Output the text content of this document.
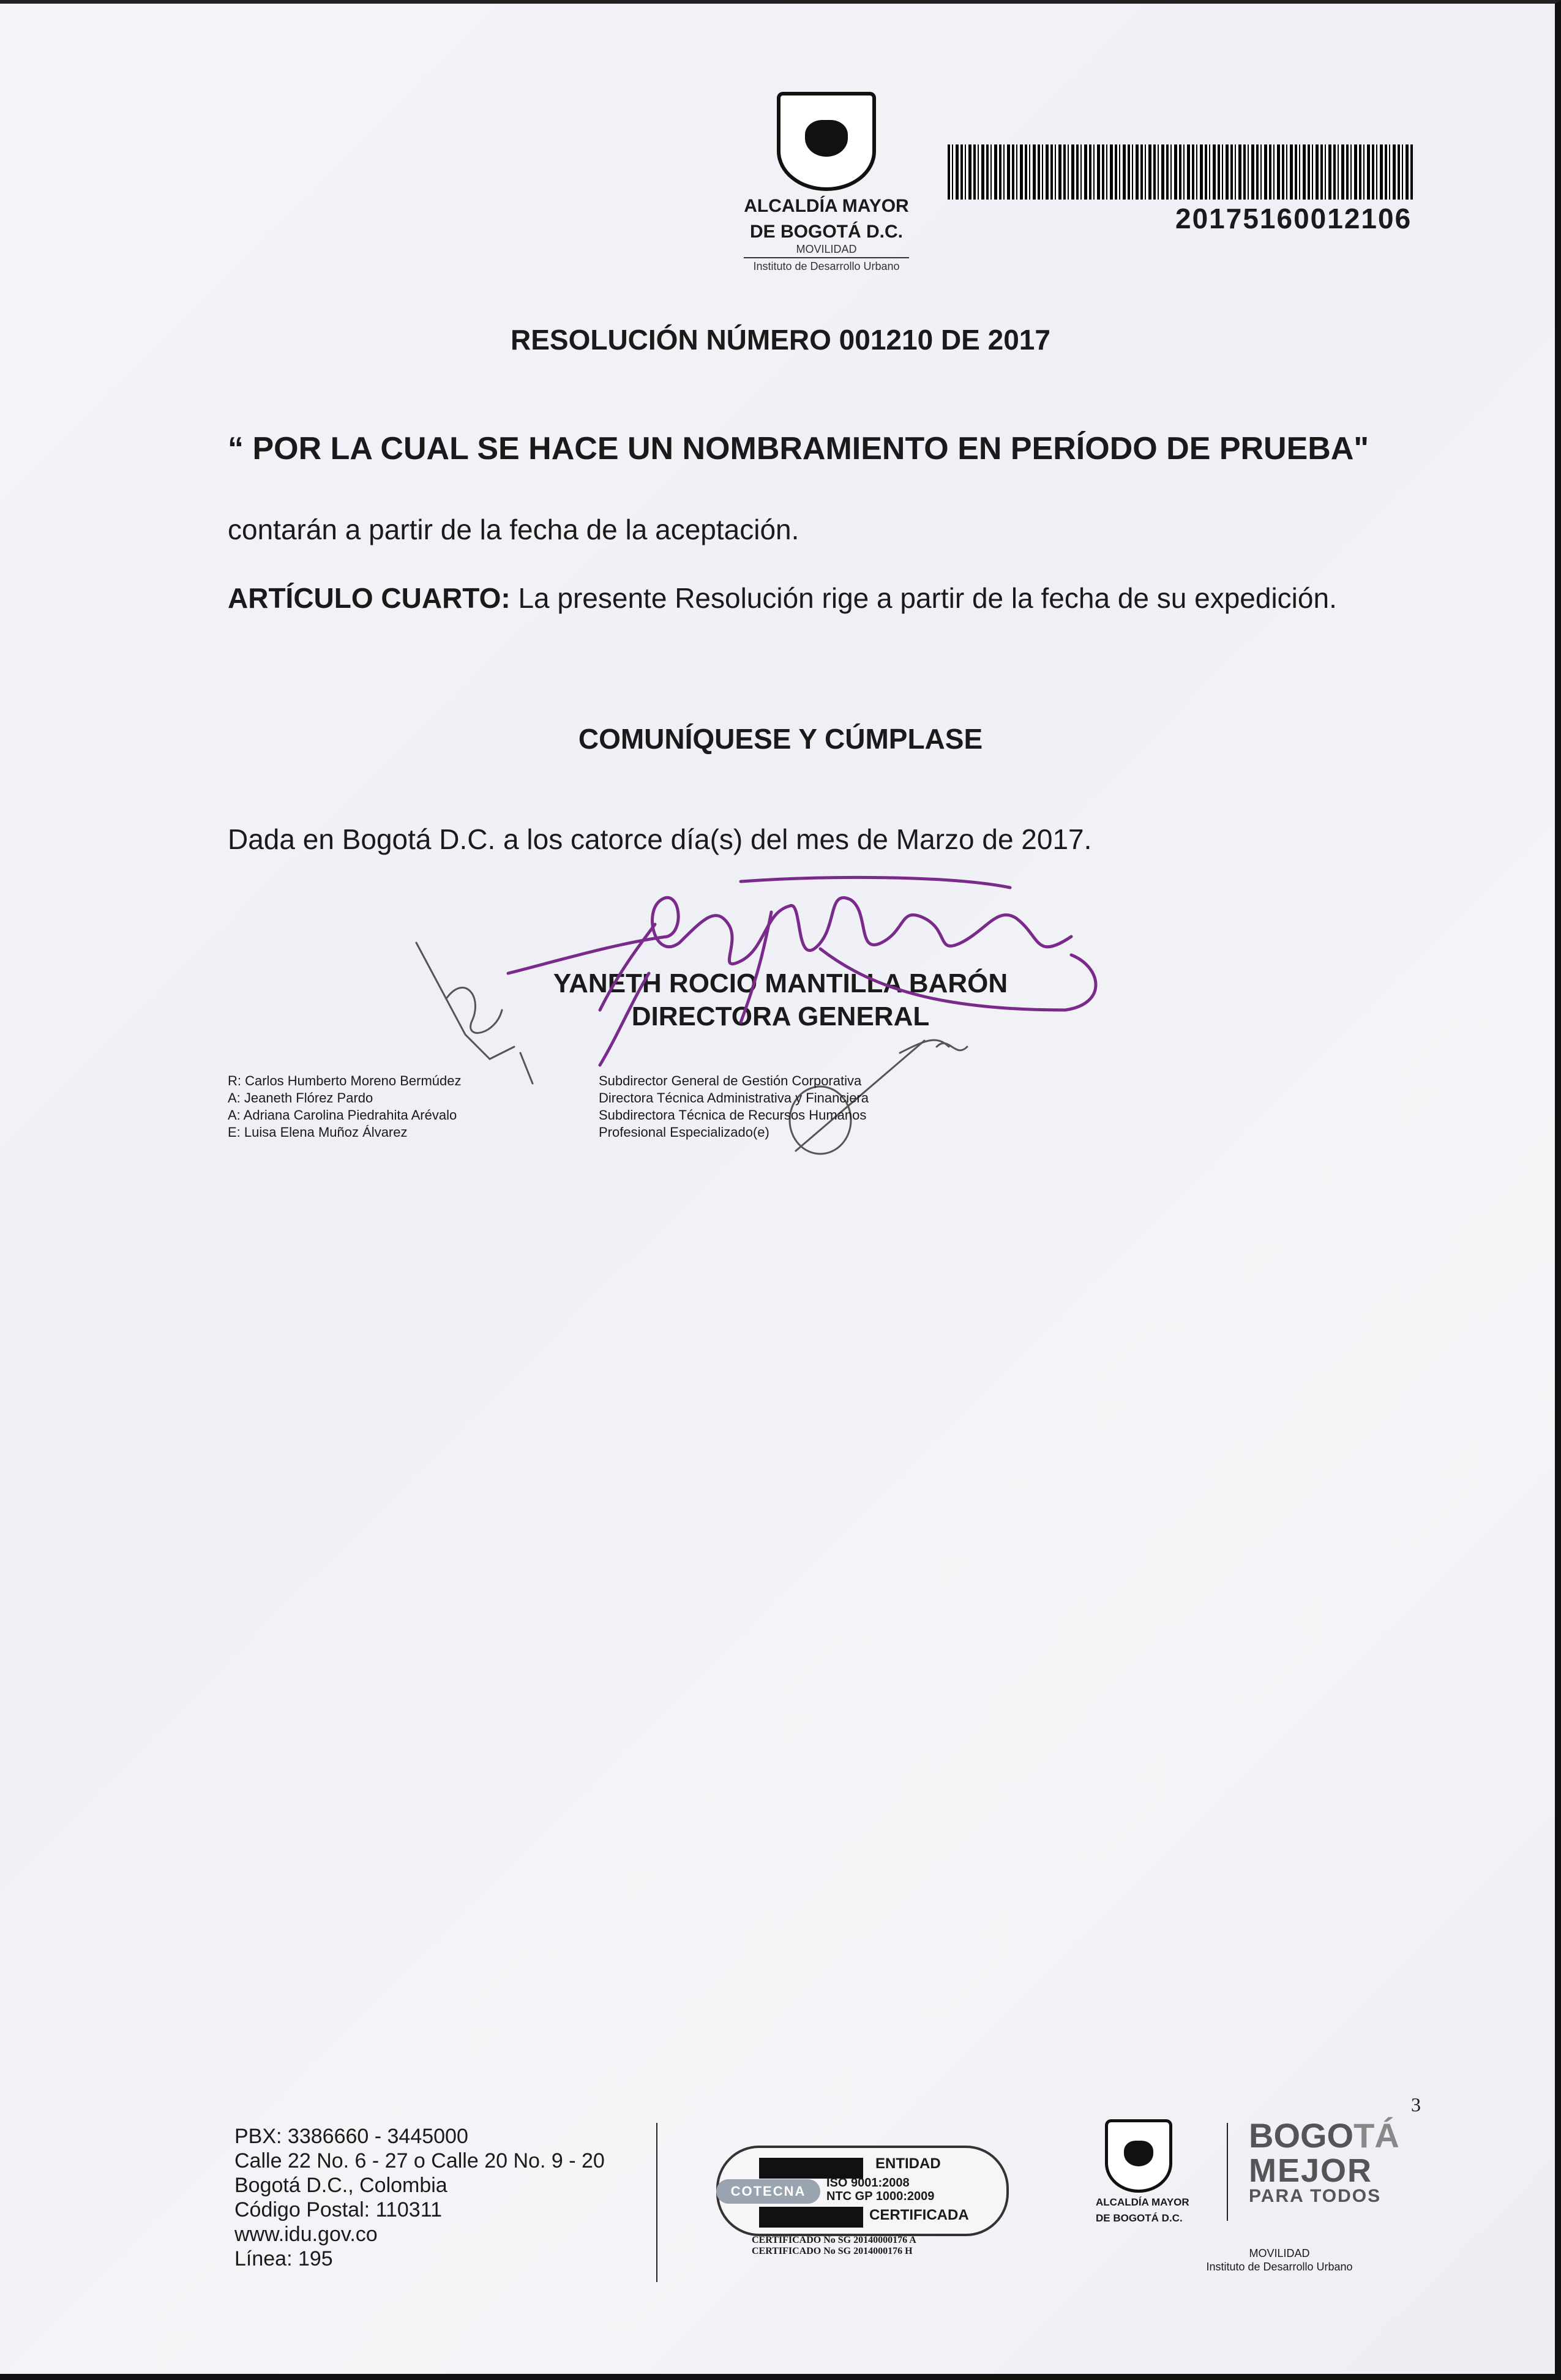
ALCALDÍA MAYOR
DE BOGOTÁ D.C.
MOVILIDAD
Instituto de Desarrollo Urbano
20175160012106
RESOLUCIÓN NÚMERO 001210 DE 2017
“ POR LA CUAL SE HACE UN NOMBRAMIENTO EN PERÍODO DE PRUEBA"
contarán a partir de la fecha de la aceptación.
ARTÍCULO CUARTO: La presente Resolución rige a partir de la fecha de su expedición.
COMUNÍQUESE Y CÚMPLASE
Dada en Bogotá D.C. a los catorce día(s) del mes de Marzo de 2017.
YANETH ROCIO MANTILLA BARÓN
DIRECTORA GENERAL
R: Carlos Humberto Moreno Bermúdez
A: Jeaneth Flórez Pardo
A: Adriana Carolina Piedrahita Arévalo
E: Luisa Elena Muñoz Álvarez
Subdirector General de Gestión Corporativa
Directora Técnica Administrativa y Financiera
Subdirectora Técnica de Recursos Humanos
Profesional Especializado(e)
3
PBX: 3386660 - 3445000
Calle 22 No. 6 - 27 o Calle 20 No. 9 - 20
Bogotá D.C., Colombia
Código Postal: 110311
www.idu.gov.co
Línea: 195
COTECNA
ENTIDAD
ISO 9001:2008
NTC GP 1000:2009
CERTIFICADA
CERTIFICADO No SG 20140000176 A
CERTIFICADO No SG 2014000176 H
ALCALDÍA MAYOR
DE BOGOTÁ D.C.
BOGOTÁ
MEJOR
PARA TODOS
MOVILIDAD
Instituto de Desarrollo Urbano
